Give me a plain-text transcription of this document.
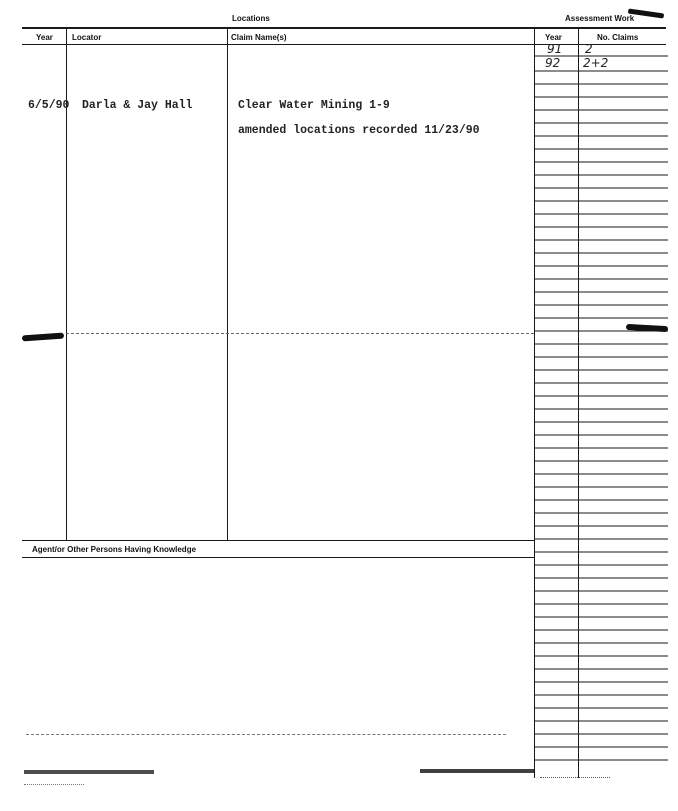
Locations	Assessment Work
Year Locator	Claim Name(s)	Year	No. Claims
91 2
92 2+2
6/5/90 Darla & Jay Hall	Clear Water Mining 1-9
amended locations recorded 11/23/90
Agent/or Other Persons Having Knowledge
